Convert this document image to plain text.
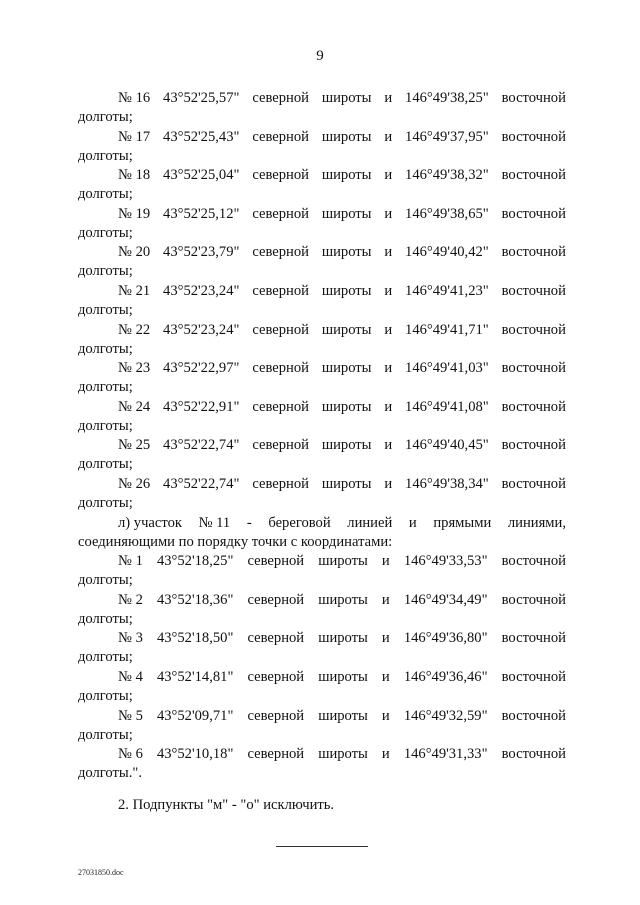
9
№ 16 43°52'25,57" северной широты и 146°49'38,25" восточной
долготы;
№ 17 43°52'25,43" северной широты и 146°49'37,95" восточной
долготы;
№ 18 43°52'25,04" северной широты и 146°49'38,32" восточной
долготы;
№ 19 43°52'25,12" северной широты и 146°49'38,65" восточной
долготы;
№ 20 43°52'23,79" северной широты и 146°49'40,42" восточной
долготы;
№ 21 43°52'23,24" северной широты и 146°49'41,23" восточной
долготы;
№ 22 43°52'23,24" северной широты и 146°49'41,71" восточной
долготы;
№ 23 43°52'22,97" северной широты и 146°49'41,03" восточной
долготы;
№ 24 43°52'22,91" северной широты и 146°49'41,08" восточной
долготы;
№ 25 43°52'22,74" северной широты и 146°49'40,45" восточной
долготы;
№ 26 43°52'22,74" северной широты и 146°49'38,34" восточной
долготы;
л) участок № 11 - береговой линией и прямыми линиями,
соединяющими по порядку точки с координатами:
№ 1 43°52'18,25" северной широты и 146°49'33,53" восточной
долготы;
№ 2 43°52'18,36" северной широты и 146°49'34,49" восточной
долготы;
№ 3 43°52'18,50" северной широты и 146°49'36,80" восточной
долготы;
№ 4 43°52'14,81" северной широты и 146°49'36,46" восточной
долготы;
№ 5 43°52'09,71" северной широты и 146°49'32,59" восточной
долготы;
№ 6 43°52'10,18" северной широты и 146°49'31,33" восточной
долготы.".
2. Подпункты "м" - "о" исключить.
27031850.doc
